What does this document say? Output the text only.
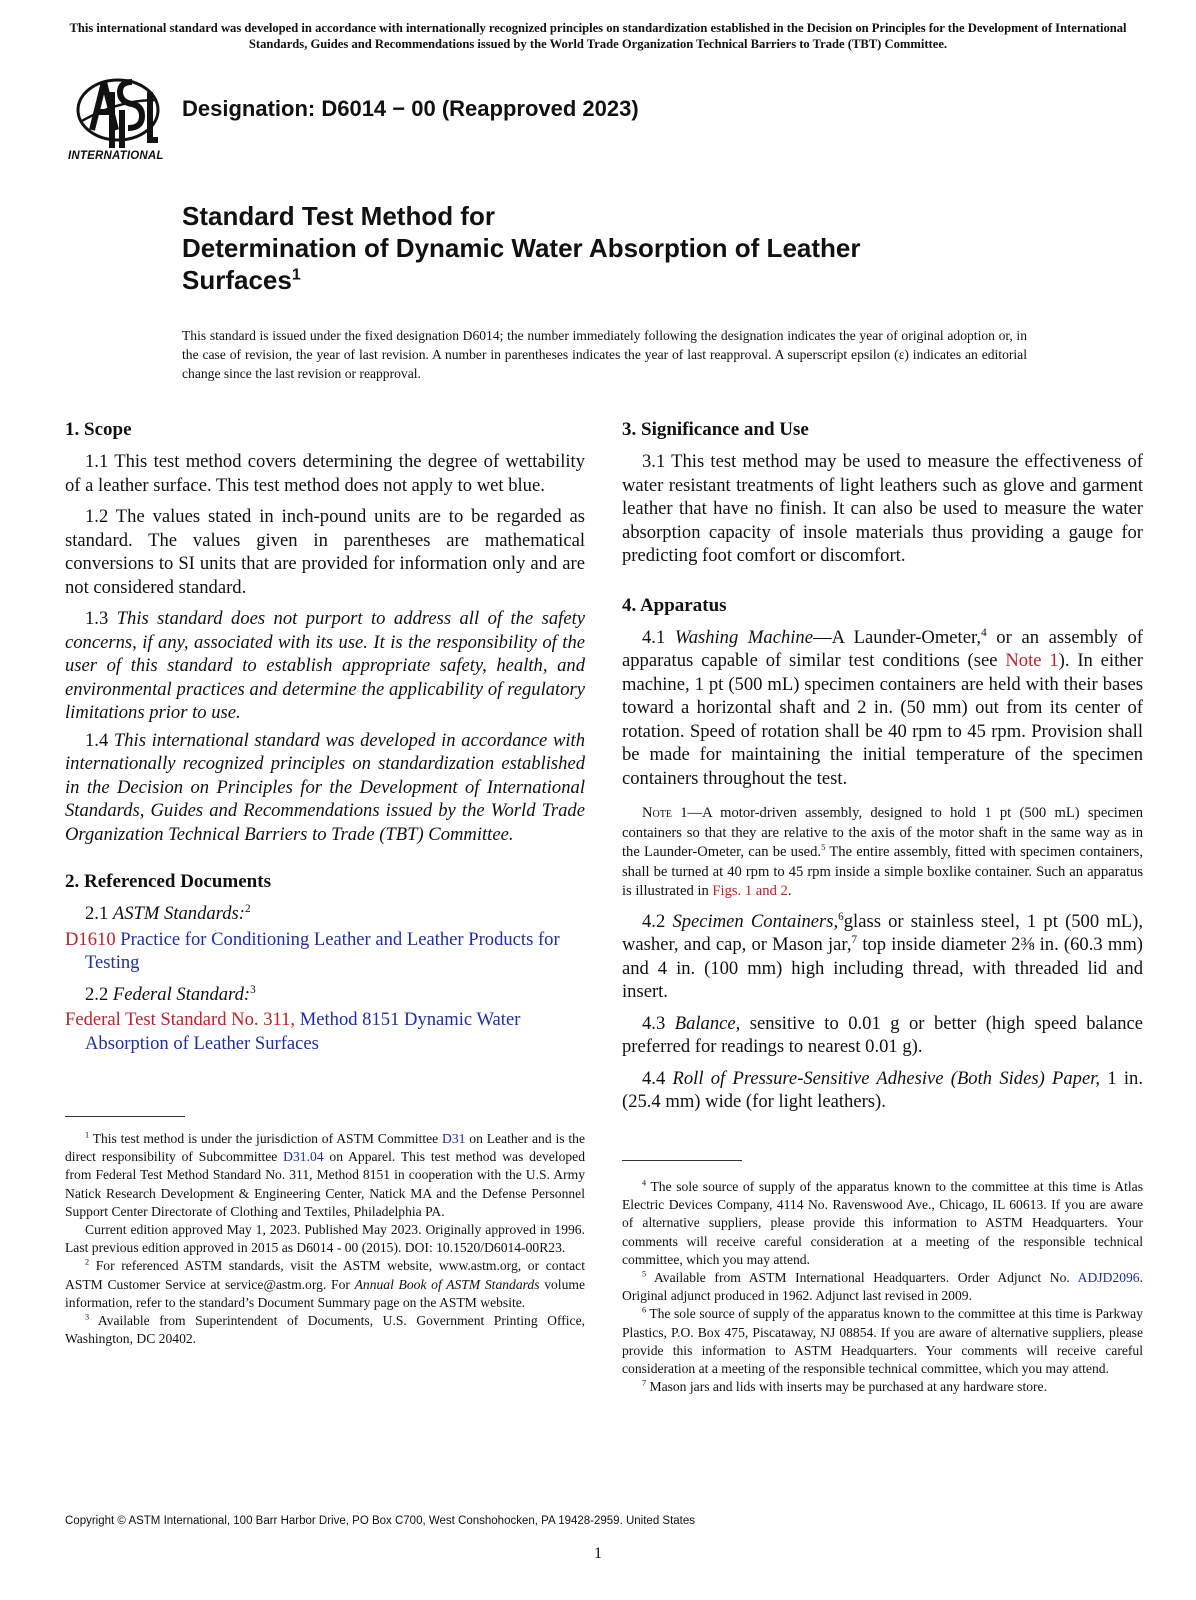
This international standard was developed in accordance with internationally recognized principles on standardization established in the Decision on Principles for the Development of International Standards, Guides and Recommendations issued by the World Trade Organization Technical Barriers to Trade (TBT) Committee.
INTERNATIONAL
Designation: D6014 − 00 (Reapproved 2023)
Standard Test Method for
Determination of Dynamic Water Absorption of Leather
Surfaces$^1$
This standard is issued under the fixed designation D6014; the number immediately following the designation indicates the year of original adoption or, in the case of revision, the year of last revision. A number in parentheses indicates the year of last reapproval. A superscript epsilon (ε) indicates an editorial change since the last revision or reapproval.
1. Scope

1.1 This test method covers determining the degree of wettability of a leather surface. This test method does not apply to wet blue.

1.2 The values stated in inch-pound units are to be regarded as standard. The values given in parentheses are mathematical conversions to SI units that are provided for information only and are not considered standard.

1.3 This standard does not purport to address all of the safety concerns, if any, associated with its use. It is the responsibility of the user of this standard to establish appropriate safety, health, and environmental practices and determine the applicability of regulatory limitations prior to use.

1.4 This international standard was developed in accordance with internationally recognized principles on standardization established in the Decision on Principles for the Development of International Standards, Guides and Recommendations issued by the World Trade Organization Technical Barriers to Trade (TBT) Committee.

2. Referenced Documents

2.1 ASTM Standards:$^2$

D1610 Practice for Conditioning Leather and Leather Products for Testing

2.2 Federal Standard:$^3$

Federal Test Standard No. 311, Method 8151 Dynamic Water Absorption of Leather Surfaces

3. Significance and Use

3.1 This test method may be used to measure the effectiveness of water resistant treatments of light leathers such as glove and garment leather that have no finish. It can also be used to measure the water absorption capacity of insole materials thus providing a gauge for predicting foot comfort or discomfort.

4. Apparatus

4.1 Washing Machine—A Launder-Ometer,$^4$ or an assembly of apparatus capable of similar test conditions (see Note 1). In either machine, 1 pt (500 mL) specimen containers are held with their bases toward a horizontal shaft and 2 in. (50 mm) out from its center of rotation. Speed of rotation shall be 40 rpm to 45 rpm. Provision shall be made for maintaining the initial temperature of the specimen containers throughout the test.

Note 1—A motor-driven assembly, designed to hold 1 pt (500 mL) specimen containers so that they are relative to the axis of the motor shaft in the same way as in the Launder-Ometer, can be used.$^5$ The entire assembly, fitted with specimen containers, shall be turned at 40 rpm to 45 rpm inside a simple boxlike container. Such an apparatus is illustrated in Figs. 1 and 2.

4.2 Specimen Containers,$^6$glass or stainless steel, 1 pt (500 mL), washer, and cap, or Mason jar,$^7$ top inside diameter 2⅜ in. (60.3 mm) and 4 in. (100 mm) high including thread, with threaded lid and insert.

4.3 Balance, sensitive to 0.01 g or better (high speed balance preferred for readings to nearest 0.01 g).

4.4 Roll of Pressure-Sensitive Adhesive (Both Sides) Paper, 1 in. (25.4 mm) wide (for light leathers).

$^1$ This test method is under the jurisdiction of ASTM Committee D31 on Leather and is the direct responsibility of Subcommittee D31.04 on Apparel. This test method was developed from Federal Test Method Standard No. 311, Method 8151 in cooperation with the U.S. Army Natick Research Development & Engineering Center, Natick MA and the Defense Personnel Support Center Directorate of Clothing and Textiles, Philadelphia PA.

Current edition approved May 1, 2023. Published May 2023. Originally approved in 1996. Last previous edition approved in 2015 as D6014 - 00 (2015). DOI: 10.1520/D6014-00R23.

$^2$ For referenced ASTM standards, visit the ASTM website, www.astm.org, or contact ASTM Customer Service at service@astm.org. For Annual Book of ASTM Standards volume information, refer to the standard’s Document Summary page on the ASTM website.

$^3$ Available from Superintendent of Documents, U.S. Government Printing Office, Washington, DC 20402.

$^4$ The sole source of supply of the apparatus known to the committee at this time is Atlas Electric Devices Company, 4114 No. Ravenswood Ave., Chicago, IL 60613. If you are aware of alternative suppliers, please provide this information to ASTM Headquarters. Your comments will receive careful consideration at a meeting of the responsible technical committee, which you may attend.

$^5$ Available from ASTM International Headquarters. Order Adjunct No. ADJD2096. Original adjunct produced in 1962. Adjunct last revised in 2009.

$^6$ The sole source of supply of the apparatus known to the committee at this time is Parkway Plastics, P.O. Box 475, Piscataway, NJ 08854. If you are aware of alternative suppliers, please provide this information to ASTM Headquarters. Your comments will receive careful consideration at a meeting of the responsible technical committee, which you may attend.

$^7$ Mason jars and lids with inserts may be purchased at any hardware store.

Copyright © ASTM International, 100 Barr Harbor Drive, PO Box C700, West Conshohocken, PA 19428-2959. United States
1
